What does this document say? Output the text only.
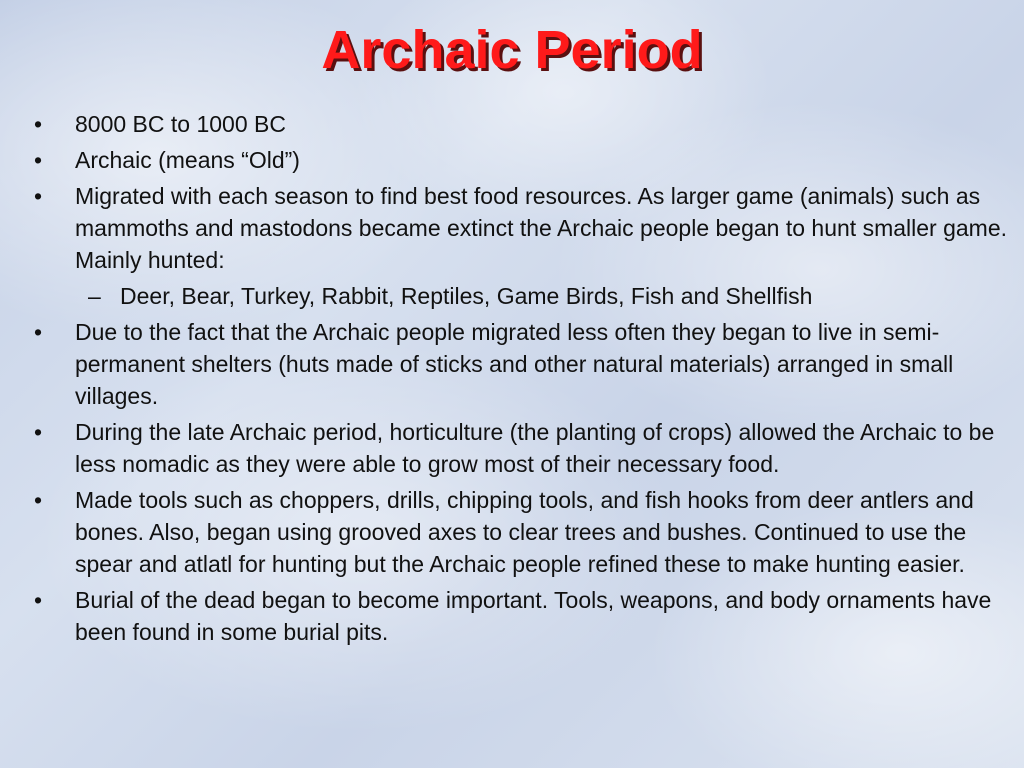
Archaic Period
• 8000 BC to 1000 BC
• Archaic (means “Old”)
• Migrated with each season to find best food resources. As larger game (animals) such as mammoths and mastodons became extinct the Archaic people began to hunt smaller game. Mainly hunted:
– Deer, Bear, Turkey, Rabbit, Reptiles, Game Birds, Fish and Shellfish
• Due to the fact that the Archaic people migrated less often they began to live in semi-permanent shelters (huts made of sticks and other natural materials) arranged in small villages.
• During the late Archaic period, horticulture (the planting of crops) allowed the Archaic to be less nomadic as they were able to grow most of their necessary food.
• Made tools such as choppers, drills, chipping tools, and fish hooks from deer antlers and bones. Also, began using grooved axes to clear trees and bushes. Continued to use the spear and atlatl for hunting but the Archaic people refined these to make hunting easier.
• Burial of the dead began to become important. Tools, weapons, and body ornaments have been found in some burial pits.
